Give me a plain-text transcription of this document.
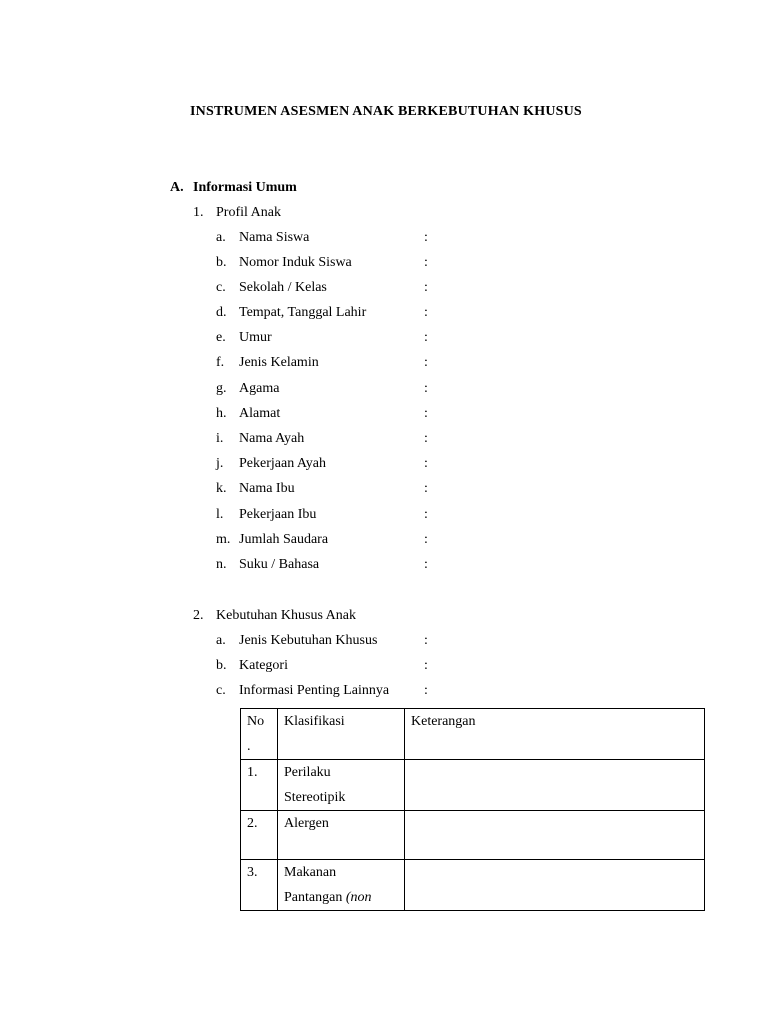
INSTRUMEN ASESMEN ANAK BERKEBUTUHAN KHUSUS
A. Informasi Umum
1. Profil Anak
a. Nama Siswa	:
b. Nomor Induk Siswa	:
c. Sekolah / Kelas	:
d. Tempat, Tanggal Lahir	:
e. Umur	:
f. Jenis Kelamin	:
g. Agama	:
h. Alamat	:
i. Nama Ayah	:
j. Pekerjaan Ayah	:
k. Nama Ibu	:
l. Pekerjaan Ibu	:
m. Jumlah Saudara	:
n. Suku / Bahasa	:
2. Kebutuhan Khusus Anak
a. Jenis Kebutuhan Khusus	:
b. Kategori	:
c. Informasi Penting Lainnya :
No
.	Klasifikasi	Keterangan
1.	Perilaku
Stereotipik	

2.	Alergen	

3.	Makanan
Pantangan (non	
